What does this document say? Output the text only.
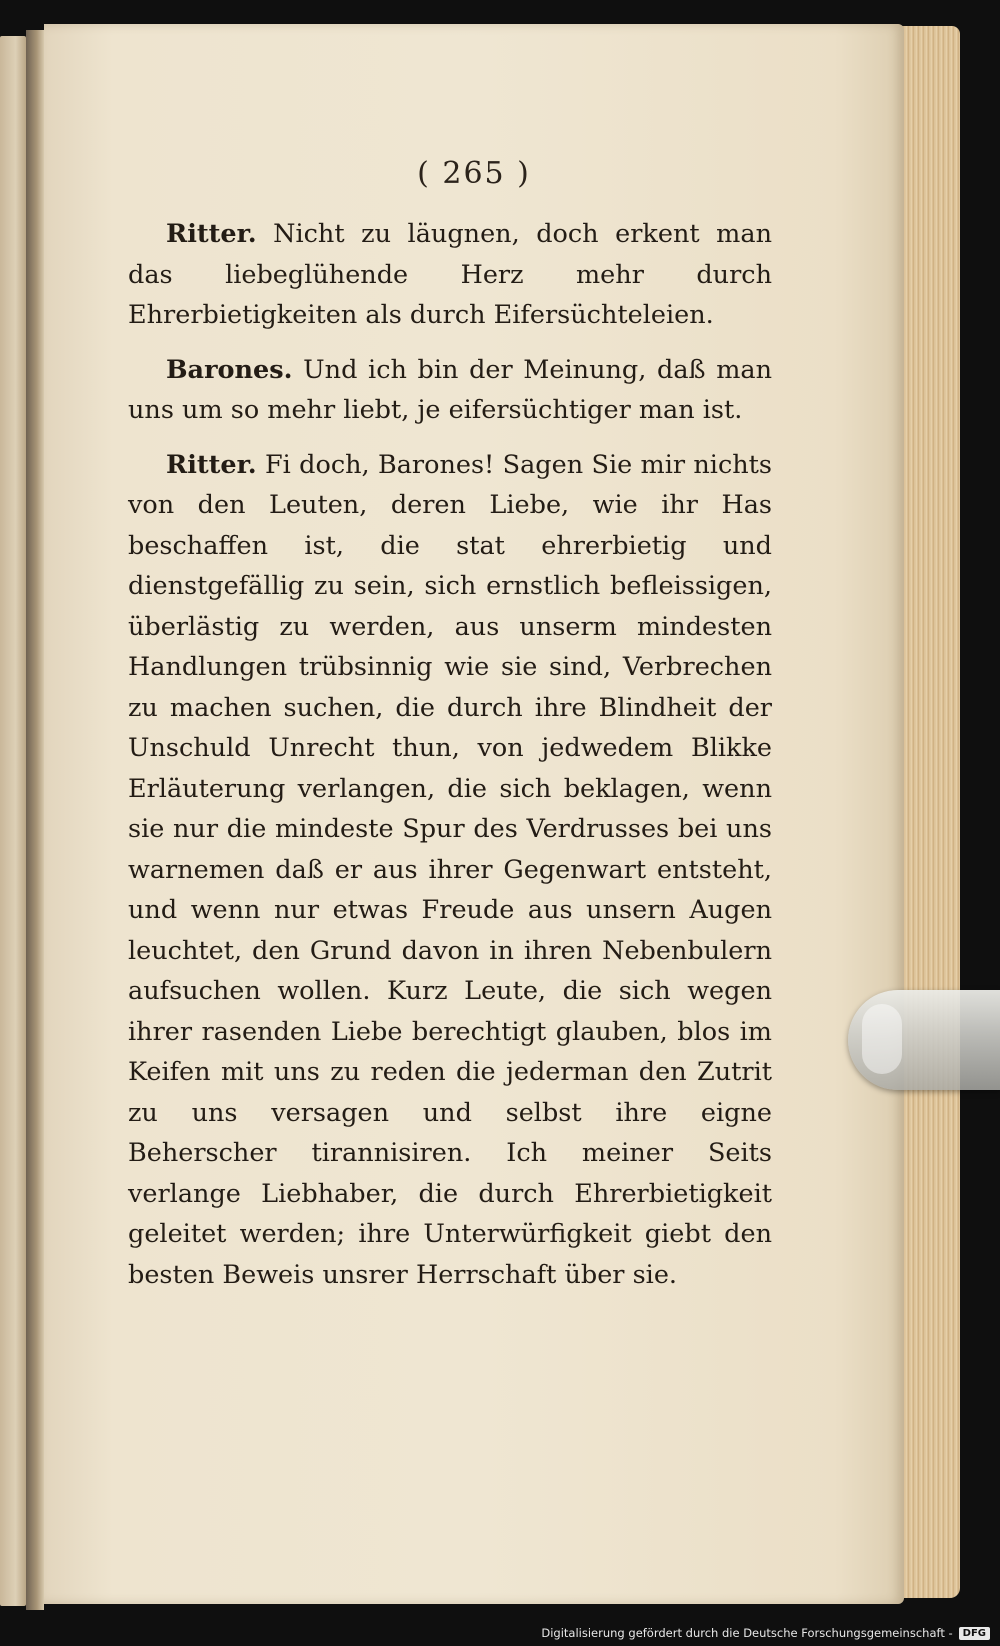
( 265 )

Ritter. Nicht zu läugnen, doch erkent man das liebeglühende Herz mehr durch Ehrerbietigkeiten als durch Eifersüchteleien.

Barones. Und ich bin der Meinung, daß man uns um so mehr liebt, je eifersüchtiger man ist.

Ritter. Fi doch, Barones! Sagen Sie mir nichts von den Leuten, deren Liebe, wie ihr Has beschaffen ist, die stat ehrerbietig und dienstgefällig zu sein, sich ernstlich befleissigen, überlästig zu werden, aus unserm mindesten Handlungen trübsinnig wie sie sind, Verbrechen zu machen suchen, die durch ihre Blindheit der Unschuld Unrecht thun, von jedwedem Blikke Erläuterung verlangen, die sich beklagen, wenn sie nur die mindeste Spur des Verdrusses bei uns warnemen daß er aus ihrer Gegenwart entsteht, und wenn nur etwas Freude aus unsern Augen leuchtet, den Grund davon in ihren Nebenbulern aufsuchen wollen. Kurz Leute, die sich wegen ihrer rasenden Liebe berechtigt glauben, blos im Keifen mit uns zu reden die jederman den Zutrit zu uns versagen und selbst ihre eigne Beherscher tirannisiren. Ich meiner Seits verlange Liebhaber, die durch Ehrerbietigkeit geleitet werden; ihre Unterwürfigkeit giebt den besten Beweis unsrer Herrschaft über sie.

Digitalisierung gefördert durch die Deutsche Forschungsgemeinschaft -	DFG
